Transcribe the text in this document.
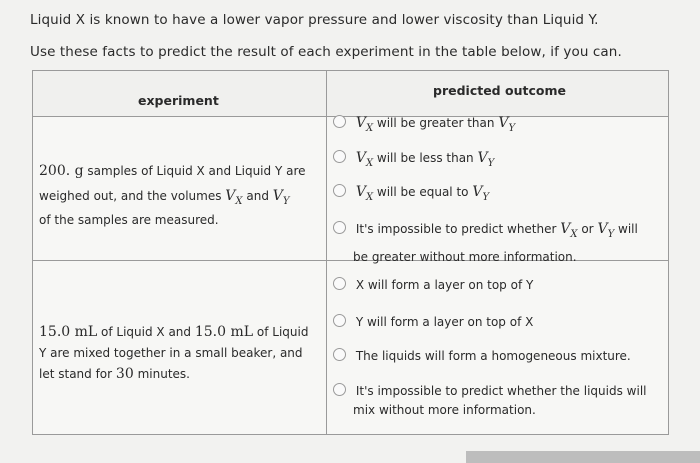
Liquid X is known to have a lower vapor pressure and lower viscosity than Liquid Y.
Use these facts to predict the result of each experiment in the table below, if you can.
experiment
predicted outcome
200. g samples of Liquid X and Liquid Y are
weighed out, and the volumes $V_X$ and $V_Y$
of the samples are measured.
$V_X$ will be greater than $V_Y$
$V_X$ will be less than $V_Y$
$V_X$ will be equal to $V_Y$
It's impossible to predict whether $V_X$ or $V_Y$ will
be greater without more information.
15.0 mL of Liquid X and 15.0 mL of Liquid
Y are mixed together in a small beaker, and
let stand for 30 minutes.
X will form a layer on top of Y
Y will form a layer on top of X
The liquids will form a homogeneous mixture.
It's impossible to predict whether the liquids will
mix without more information.
